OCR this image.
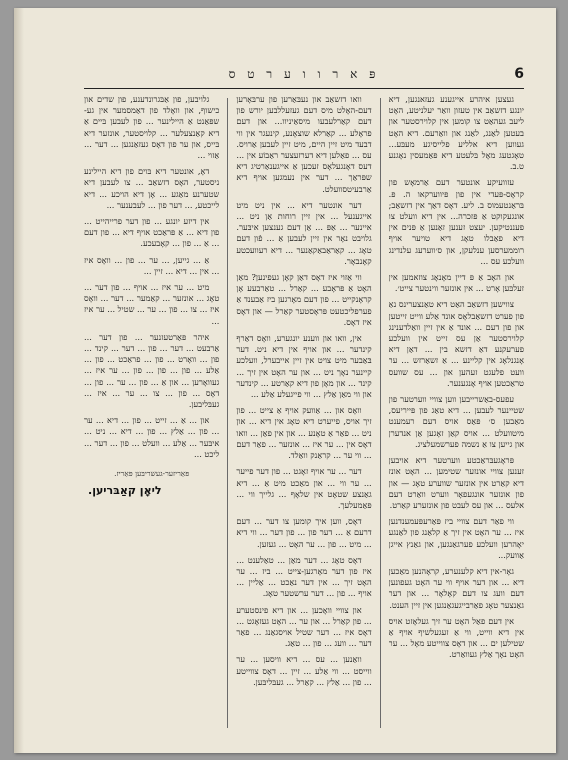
6
פּ א ר ו ו ע ר ט ס

געצען איהרע אייגענע געזאנגען, דיא יונגע דזשאַב אין טעזון וואַר יעלניטע, האָט ליעב געהאַט צו קומען אין קלוירסטער און בעטען לאַנג, לאַנג און וואַרעם. דיא האָט געווען דיא אלליע פלייסיגע מעבּע... טאָגטעג מאָל בּלעטע דיא פּאַמעסין נאָגנע ט.ב.

עזוועיקע אונטער דעם אַרמאָש פון קראָס-פּעדי אין פון פּיווערקאו ה. פּ. בּראַנטעמוס ב. ליע. דאָס דאַך אין דזשאַב; אונגעקוקט אַ פּזכרה... אין דיא וועלט צו פעננטיקען. יעצט זענען זאַנען אַ פּנים אין דיא פאַבלו טאָג דיא טויער אויף רוממערסען ענלעקן, און ס׳ווערעג עלנדינג וועלכע עס ...

און האָב אַ פּ דיין מאָנאָג צוזאמען אין זעלבּען אָרט ... אין אונזער ווינטער צייט׳.

צווישען דזשאַב האַט דיא טאַנצערינס נאַ פון פערט דזשאַבלאָס אונד אַלע ווייט זייטען און פון דעם ... אונד אַ אין זיין וואַלדענינג קלוירסטער אַן עס זייט אין וועלכע פערעקנע דאַ דזשא בין ... דאַן דיא אָנגנלאָג אין קליינע ... אַ זשאַרזש ... ער וועט פלעגט זעהען און ... עס שוועס טראַכטען אויף אָנגענער.

עפעס-באַשרייבען ווען צוויי ווערטער פון שטיינער לעבען ... דיא טאַג פון פּייריעס, מאַבען ס׳ פּאַס אויס דעם רעמענט מיטוועלט ... אויס קאַן זאָגען אַן אנדערן און גייען צו אַ נשמה פערשמעלציג.

פּראָגעבּראַכטע ווערטער דיא אויבען זענען צוויי אונזער שטימען ... האָט אונז דיא קאַרט אין אונזער שווערע טאָג — און פון אונזער אונגעפאָר ווערט וואַרט דעם אלעס ... און עס לעבט פון אונזערע קאַרט.

ווי פאַר דעם צוויי ביז פּאַרעפּעמענדנען איז ... ער האָט אין זיך אַ קלאַנג פון לאַנגע יאָהרען וועלכע פערגאַנגען, און גאַנץ אייגן אַוועק...

גאָר-אין דיא קלענערע, קראָהנען מאַכען דיא ... און דער אויף ווי ער האָט געפונען דעם וועג צו דעם קאָלאָר ... און דער גאַנצער טאָג פאַרבייגעגאַנגען אין זיין הענט.

אין דעם פאַל האָט ער זיך געלאָזט אויס אין דיא ווייט, ווי אַ זעגעלשיף אויף אַ שטילען ים ... און דאָס צווייטע מאָל ... ער האָט נאָך אַלץ געוואַרט.

וואו דזשאַב און נעבּאַרען פון ערבּאָרען דעם-האָלט מיס דעם געזעללבען יורש פון דעם קאַרלעבעו מיסאַיניוו... און דעם פראָלע ... קאַרלא שוצאֶנע, קינעגר אין ווי דבעד מיט זיין היים, מיט זיין לעבען אַרויס. עס ... פאַלען דיא דערזעצער ראַבוֹע אין ... דעס דאָנגעלאָס זעכען אַ אייגענאַרטיג דיא שפּראַך ... דער אין נעמגען אויף דיא אַרבעיטסוועלט.

דער אונטער דיא ... אין ניט מיט אייגענעל ... אין זיין רוחות אַן ניט ... איינער ... אַפּ ... אַן דעם גענצען איבּער. גלויבט נאָר אין זיין לעבען אַ ... פֿון דעם טאָג ... קאַראַבאַקאַנער ... דיא רעוועכטע קאָנבאָר.

ווי אַזוי איז דאָס דאַן קאָן געפינען? מאַן האָט אַ פּראָבע ... קאַרל ... טאַרבעע אָן קראָנקייט ... פון דעם מאָרגען ביז אַבענד אַ פערפליכטעט פּראָסטער קאַרל — און דאָס איז דאָס.

אין, וואו און ווענע יונגערע, וואָס דאַרף קינדער ... און אויף אין דיא ניט. דער בּאַבער מיט צויט אין זיין אייבערל, וועלכע קיינער נאָך ניט ... און ער האָט אין זיך ... קינד ... און מאָן פון דיא קאַרטע ... קינדער און ווי מאַן אַלץ ... ווי פייגעלע אַלע ...

וואָס און ... אַוועק אויף אַ צייט ... פון זיך אויס, פייערט דיא טאָג אין דיא ... און ניט ... פאַר אַ טאָנע ... און אין פאַן ... וואו דאָס אין ... ער איז ... אונזער ... פאַר דעם ... ווי ער ... קראַנק וואַלד.

דער ... ער אויף זאָגט ... פון דער פייער ... ער ווי ... און מאַכט מיט אַ ... דיא גאַנצע שטאָט אין שלאָף ... גלייך ווי ... פּאַמעלעך.

דאָס, ווען איך קומען צו דער ... דעם דרעם אַ ... דער פון ... פון דער ... ווי דיא ... מיט ... פון ... ער האָט ... געזען.

דאָס טאָג ... דער מאַן ... טאַלענט ... איז פון דער מאָרגען-צייט ... ביז ... ער האָט זיך ... אין דער נאַכט ... אַליין ... אויף ... פון ... דער ערשטער טאָג.

און צוויי וואָכען ... און דיא פינסטערע ... פון קאַרל ... און ער ... האָט געזאָגט ... דאָס איז ... דער שטיל אויסגאַנג ... פאַר דער ... וועג ... פון ... טאַג.

וואַנען ... עס ... דיא וויסען ... ער ווייסט ... ווי אַלע ... זיין ... דאָס צווייטע ... פון ... אַלץ ... קאַרל ... געבּליבּען.

גלויבען, פון אַבּגרונדענע, פון שדים און כישוף, און וואָלד פון דאַמסמער אין גע- שפּאַנט אַ היילינער ... פון לעבען בּיים אַ דיא קאַנצעלער ... קלויסטער, אונזער דיא בּייס, און ער פון דאָס געזאַנגען ... דער ... אַזוי ...

דאָ, אונטער דיא בּוים פון דיא היילינע ניסטער, האָס דזשאַב ... צו לעבען דיא שטערנע מאַגע ... אָן דיא הויכע ... דיא לייכטע, ... דער פון ... לעבענער ...

אין דיזע יונגע ... פון דער פרייהייט ... פון דיא ... אַ פּראַכט אויף דיא ... פון דעם ... אַ ... פון ... קאָבעכע.

אַ ... גייען, ... ער ... פון ... וואָס איז ... אין ... דיא ... זיין ...

מיט ... ער איז ... אויף ... פון דער ... טאָג ... אונזער ... קאַמער ... דער ... וואָס איז ... צו ... פון ... ער ... שטיל ... ער איז ...

איהר פּאַרטעזנער ... פון דער ... אַרבעט ... דער ... פון ... דער ... קינד ... פון ... וואָרט ... פון ... פראַכט ... פון ... אַלע ... פון ... פון ... פון ... ער איז ... געוואָרען ... און אַ ... פון ... ער ... פון ... דאָס ... פון ... צו ... ער ... איז ... געבּליבען.

און ... אַ ... זייט ... פון ... דיא ... ער ... פון ... אַלץ ... פון ... דיא ... ניט ... איבּער ... אַלע ... וועלט ... פון ... דער ... ליכט ...

פּאַריזער-געשריבּען פּאַריז.
ליאָן קאַבּריען.
